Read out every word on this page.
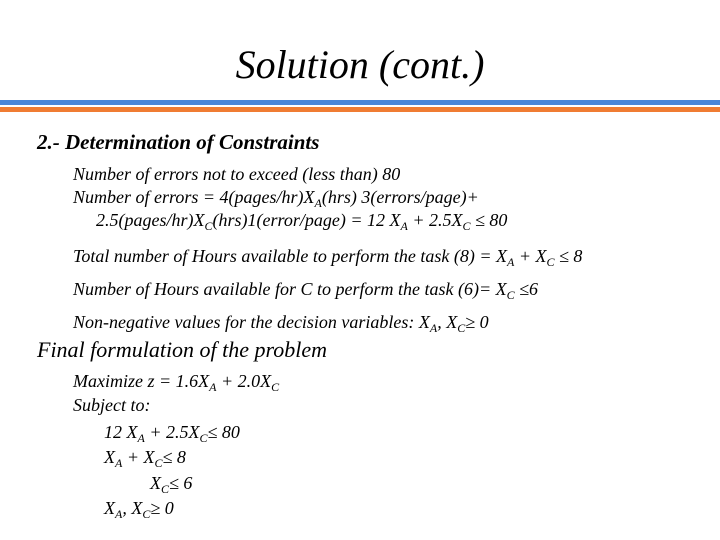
Solution (cont.)
2.- Determination of Constraints
Number of errors not to exceed (less than) 80
Number of errors = $4(pages/hr)X_A(hrs)$ 3(errors/page)+
$2.5(pages/hr)X_C(hrs)1(error/page) = 12$ $X_A + 2.5X_C \le 80$
Total number of Hours available to perform the task $(8) = X_A + X_C \le 8$
Number of Hours available for C to perform the task $(6)= X_C \le 6$
Non-negative values for the decision variables: $X_A$, $X_C\ge 0$
Final formulation of the problem
Maximize $z = 1.6X_A + 2.0X_C$
Subject to:
12 $X_A + 2.5X_C\le 80$
$X_A + X_C\le 8$
$X_C\le 6$
$X_A$, $X_C\ge 0$
